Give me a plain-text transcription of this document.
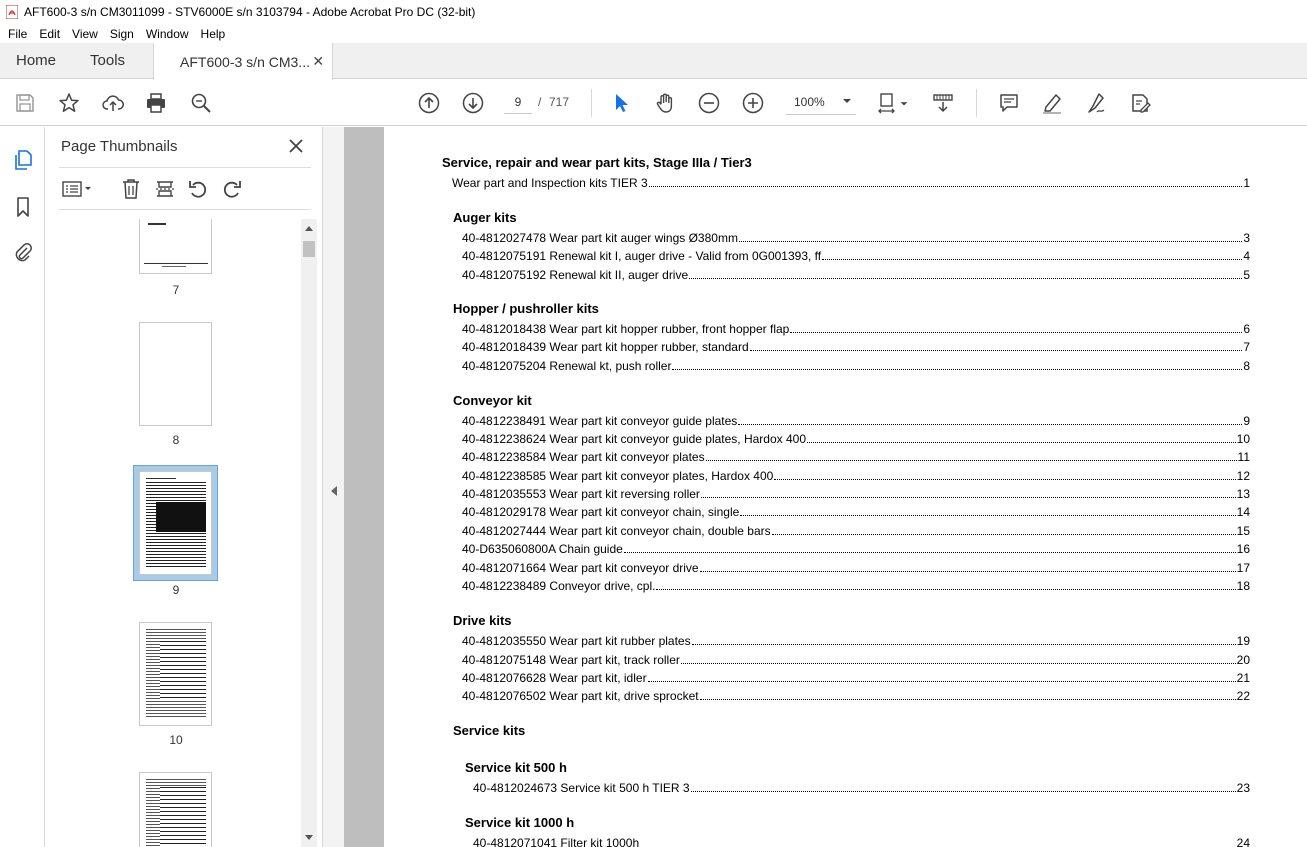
AFT600-3 s/n CM3011099 - STV6000E s/n 3103794 - Adobe Acrobat Pro DC (32-bit)
File	Edit	View	Sign	Window	Help
Home	Tools	AFT600-3 s/n CM3... ✕
9
/ 717	100%
Page Thumbnails
7
8
9
10
Service, repair and wear part kits, Stage IIIa / Tier3
Wear part and Inspection kits TIER 3	1
Auger kits
40-4812027478 Wear part kit auger wings Ø380mm	3
40-4812075191 Renewal kit I, auger drive - Valid from 0G001393, ff	4
40-4812075192 Renewal kit II, auger drive	5
Hopper / pushroller kits
40-4812018438 Wear part kit hopper rubber, front hopper flap	6
40-4812018439 Wear part kit hopper rubber, standard	7
40-4812075204 Renewal kt, push roller	8
Conveyor kit
40-4812238491 Wear part kit conveyor guide plates	9
40-4812238624 Wear part kit conveyor guide plates, Hardox 400	10
40-4812238584 Wear part kit conveyor plates	11
40-4812238585 Wear part kit conveyor plates, Hardox 400	12
40-4812035553 Wear part kit reversing roller	13
40-4812029178 Wear part kit conveyor chain, single	14
40-4812027444 Wear part kit conveyor chain, double bars	15
40-D635060800A Chain guide	16
40-4812071664 Wear part kit conveyor drive	17
40-4812238489 Conveyor drive, cpl.	18
Drive kits
40-4812035550 Wear part kit rubber plates	19
40-4812075148 Wear part kit, track roller	20
40-4812076628 Wear part kit, idler	21
40-4812076502 Wear part kit, drive sprocket	22
Service kits
Service kit 500 h
40-4812024673 Service kit 500 h TIER 3	23
Service kit 1000 h
40-4812071041 Filter kit 1000h	24
